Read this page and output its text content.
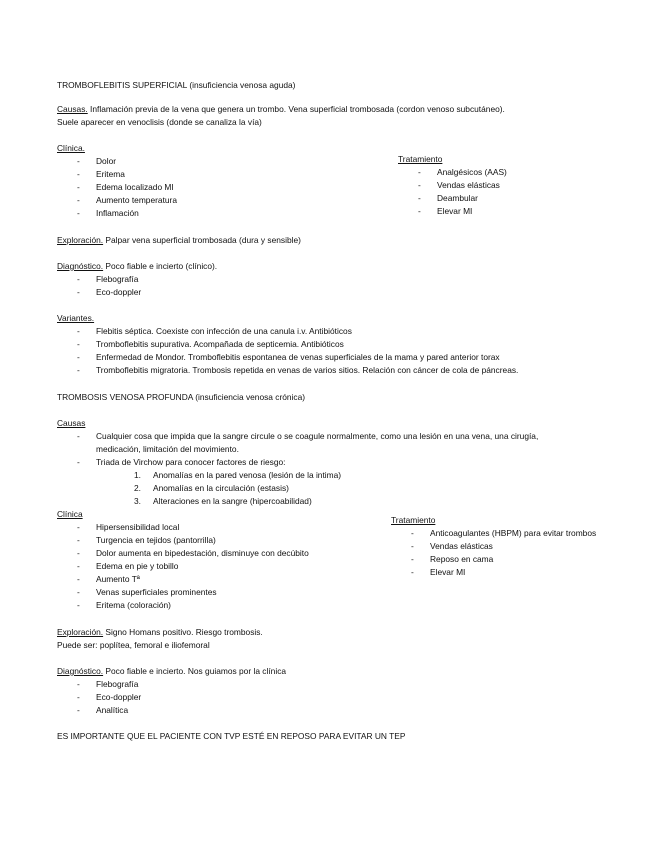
TROMBOFLEBITIS SUPERFICIAL (insuficiencia venosa aguda)
Causas. Inflamación previa de la vena que genera un trombo. Vena superficial trombosada (cordon venoso subcutáneo).
Suele aparecer en venoclisis (donde se canaliza la vía)
Clínica.
- Dolor
- Eritema
- Edema localizado MI
- Aumento temperatura
- Inflamación
Tratamiento
- Analgésicos (AAS)
- Vendas elásticas
- Deambular
- Elevar MI
Exploración. Palpar vena superficial trombosada (dura y sensible)
Diagnóstico. Poco fiable e incierto (clínico).
- Flebografía
- Eco-doppler
Variantes.
- Flebitis séptica. Coexiste con infección de una canula i.v. Antibióticos
- Tromboflebitis supurativa. Acompañada de septicemia. Antibióticos
- Enfermedad de Mondor. Tromboflebitis espontanea de venas superficiales de la mama y pared anterior torax
- Tromboflebitis migratoria. Trombosis repetida en venas de varios sitios. Relación con cáncer de cola de páncreas.
TROMBOSIS VENOSA PROFUNDA (insuficiencia venosa crónica)
Causas
- Cualquier cosa que impida que la sangre circule o se coagule normalmente, como una lesión en una vena, una cirugía,
medicación, limitación del movimiento.
- Triada de Virchow para conocer factores de riesgo:
1. Anomalías en la pared venosa (lesión de la intima)
2. Anomalías en la circulación (estasis)
3. Alteraciones en la sangre (hipercoabilidad)
Clínica
- Hipersensibilidad local
- Turgencia en tejidos (pantorrilla)
- Dolor aumenta en bipedestación, disminuye con decúbito
- Edema en pie y tobillo
- Aumento Tª
- Venas superficiales prominentes
- Eritema (coloración)
Tratamiento
- Anticoagulantes (HBPM) para evitar trombos
- Vendas elásticas
- Reposo en cama
- Elevar MI
Exploración. Signo Homans positivo. Riesgo trombosis.
Puede ser: poplítea, femoral e iliofemoral
Diagnóstico. Poco fiable e incierto. Nos guiamos por la clínica
- Flebografía
- Eco-doppler
- Analítica
ES IMPORTANTE QUE EL PACIENTE CON TVP ESTÉ EN REPOSO PARA EVITAR UN TEP
